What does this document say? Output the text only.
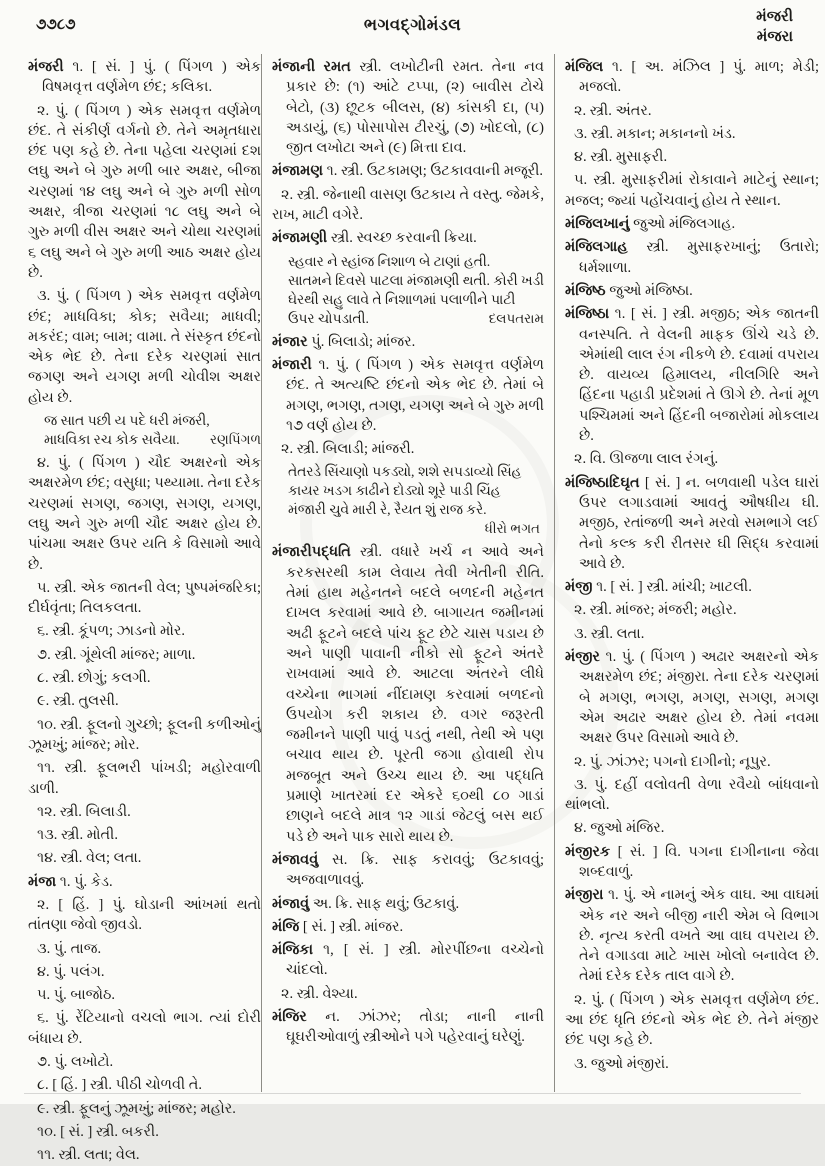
૭૭૮૭	ભગવદ્ગોમંડલ	મંજરી
મંજરા

મંજરી ૧. [ સં. ] પું. ( પિંગળ ) એક વિષમવૃત્ત વર્ણમેળ છંદ; કલિકા.

૨. પું. ( પિંગળ ) એક સમવૃત્ત વર્ણમેળ છંદ. તે સંકીર્ણ વર્ગનો છે. તેને અમૃતધારા છંદ પણ કહે છે. તેના પહેલા ચરણમાં દશ લઘુ અને બે ગુરુ મળી બાર અક્ષર, બીજા ચરણમાં ૧૪ લઘુ અને બે ગુરુ મળી સોળ અક્ષર, ત્રીજા ચરણમાં ૧૮ લઘુ અને બે ગુરુ મળી વીસ અક્ષર અને ચોથા ચરણમાં ૬ લઘુ અને બે ગુરુ મળી આઠ અક્ષર હોય છે.

૩. પું. ( પિંગળ ) એક સમવૃત્ત વર્ણમેળ છંદ; માધવિકા; કોક; સવૈયા; માધવી; મકરંદ; વામ; બામ; વામા. તે સંસ્કૃત છંદનો એક ભેદ છે. તેના દરેક ચરણમાં સાત જગણ અને યગણ મળી ચોવીશ અક્ષર હોય છે.

જ સાત પછી ય પદે ધરી મંજરી,
માધવિકા રચ કોક સવૈયા. રણપિંગળ

૪. પું. ( પિંગળ ) ચૌદ અક્ષરનો એક અક્ષરમેળ છંદ; વસુધા; પથ્યામા. તેના દરેક ચરણમાં સગણ, જગણ, સગણ, યગણ, લઘુ અને ગુરુ મળી ચૌદ અક્ષર હોય છે. પાંચમા અક્ષર ઉપર યતિ કે વિસામો આવે છે.

૫. સ્ત્રી. એક જાતની વેલ; પુષ્પમંજરિકા; દીર્ઘવૃંતા; તિલકલતા.

૬. સ્ત્રી. કૂંપળ; ઝાડનો મોર.

૭. સ્ત્રી. ગૂંથેલી માંજર; માળા.

૮. સ્ત્રી. છોગું; કલગી.

૯. સ્ત્રી. તુલસી.

૧૦. સ્ત્રી. ફૂલનો ગુચ્છો; ફૂલની કળીઓનું ઝૂમખું; માંજર; મોર.

૧૧. સ્ત્રી. ફૂલભરી પાંખડી; મહોરવાળી ડાળી.

૧૨. સ્ત્રી. બિલાડી.

૧૩. સ્ત્રી. મોતી.

૧૪. સ્ત્રી. વેલ; લતા.

મંજા ૧. પું. કેડ.

૨. [ હિં. ] પું. ઘોડાની આંખમાં થતો તાંતણા જેવો જીવડો.

૩. પું. તાજ.

૪. પું. પલંગ.

૫. પું. બાજોઠ.

૬. પું. રેંટિયાનો વચલો ભાગ. ત્યાં દોરી બંધાય છે.

૭. પું. લખોટો.

૮. [ હિં. ] સ્ત્રી. પીઠી ચોળવી તે.

૯. સ્ત્રી. ફૂલનું ઝૂમખું; માંજર; મહોર.

૧૦. [ સં. ] સ્ત્રી. બકરી.

૧૧. સ્ત્રી. લતા; વેલ.

મંજાની રમત સ્ત્રી. લખોટીની રમત. તેના નવ પ્રકાર છે: (૧) આંટે ટપ્પા, (૨) બાવીસ ટોચે બેટો, (૩) છૂટક બીલસ, (૪) કાંસકી દા, (૫) અડાયું, (૬) પોસાપોસ ટીરચું, (૭) ખોદલો, (૮) જીત લખોટા અને (૯) મિત્તા દાવ.

મંજામણ ૧. સ્ત્રી. ઉટકામણ; ઉટકાવવાની મજૂરી.

૨. સ્ત્રી. જેનાથી વાસણ ઉટકાય તે વસ્તુ. જેમકે, રાખ, માટી વગેરે.

મંજામણી સ્ત્રી. સ્વચ્છ કરવાની ક્રિયા.

સ્હવાર ને સ્હાંજ નિશાળ બે ટાણાં હતી.
સાતમને દિવસે પાટલા મંજામણી થતી. કોરી ખડી
ઘેરથી સહુ લાવે તે નિશાળમાં પલાળીને પાટી
ઉપર ચોપડાતી.	દલપતરામ

મંજાર પું. બિલાડો; માંજર.

મંજારી ૧. પું. ( પિંગળ ) એક સમવૃત્ત વર્ણમેળ છંદ. તે અત્યષ્ટિ છંદનો એક ભેદ છે. તેમાં બે મગણ, ભગણ, તગણ, યગણ અને બે ગુરુ મળી ૧૭ વર્ણ હોય છે.

૨. સ્ત્રી. બિલાડી; માંજરી.

તેતરડે સિંચાણો પકડ્યો, શશે સપડાવ્યો સિંહ
કાયર ખડગ કાઢીને દોડ્યો શૂરે પાડી ચિંહ
મંજારી ચુવે મારી રે, રૈયત શું રાજ કરે.
ધીરો ભગત

મંજારીપદ્ધતિ સ્ત્રી. વધારે ખર્ચ ન આવે અને કરકસરથી કામ લેવાય તેવી ખેતીની રીતિ. તેમાં હાથ મહેનતને બદલે બળદની મહેનત દાખલ કરવામાં આવે છે. બાગાયત જમીનમાં અઢી ફૂટને બદલે પાંચ ફૂટ છેટે ચાસ પડાય છે અને પાણી પાવાની નીકો સો ફૂટને અંતરે રાખવામાં આવે છે. આટલા અંતરને લીધે વચ્ચેના ભાગમાં નીંદામણ કરવામાં બળદનો ઉપયોગ કરી શકાય છે. વગર જરૂરતી જમીનને પાણી પાવું પડતું નથી, તેથી એ પણ બચાવ થાય છે. પૂરતી જગા હોવાથી રોપ મજબૂત અને ઉચ્ચ થાય છે. આ પદ્ધતિ પ્રમાણે ખાતરમાં દર એકરે ૬૦થી ૮૦ ગાડાં છાણને બદલે માત્ર ૧૨ ગાડાં જેટલું બસ થઈ પડે છે અને પાક સારો થાય છે.

મંજાવવું સ. ક્રિ. સાફ કરાવવું; ઉટકાવવું; અજવાળાવવું.

મંજાવું અ. ક્રિ. સાફ થવું; ઉટકાવું.

મંજિ [ સં. ] સ્ત્રી. માંજર.

મંજિકા ૧, [ સં. ] સ્ત્રી. મોરપીંછના વચ્ચેનો ચાંદલો.

૨. સ્ત્રી. વેશ્યા.

મંજિર ન. ઝાંઝર; તોડા; નાની નાની ઘૂઘરીઓવાળું સ્ત્રીઓને પગે પહેરવાનું ઘરેણું.

મંજિલ ૧. [ અ. મંઝિલ ] પું. માળ; મેડી; મજલો.

૨. સ્ત્રી. અંતર.

૩. સ્ત્રી. મકાન; મકાનનો ખંડ.

૪. સ્ત્રી. મુસાફરી.

૫. સ્ત્રી. મુસાફરીમાં રોકાવાને માટેનું સ્થાન; મજલ; જ્યાં પહોંચવાનું હોય તે સ્થાન.

મંજિલખાનું જુઓ મંજિલગાહ.

મંજિલગાહ સ્ત્રી. મુસાફરખાનું; ઉતારો; ધર્મશાળા.

મંજિષ્ઠ જુઓ મંજિષ્ઠા.

મંજિષ્ઠા ૧. [ સં. ] સ્ત્રી. મજીઠ; એક જાતની વનસ્પતિ. તે વેલની માફક ઊંચે ચડે છે. એમાંથી લાલ રંગ નીકળે છે. દવામાં વપરાય છે. વાયવ્ય હિમાલય, નીલગિરિ અને હિંદના પહાડી પ્રદેશમાં તે ઊગે છે. તેનાં મૂળ પશ્ચિમમાં અને હિંદની બજારોમાં મોકલાય છે.

૨. વિ. ઊજળા લાલ રંગનું.

મંજિષ્ઠાદિઘૃત [ સં. ] ન. બળવાથી પડેલ ઘારાં ઉપર લગાડવામાં આવતું ઔષધીય ઘી. મજીઠ, રતાંજળી અને મરવો સમભાગે લઈ તેનો કલ્ક કરી રીતસર ઘી સિદ્ધ કરવામાં આવે છે.

મંજી ૧. [ સં. ] સ્ત્રી. માંચી; ખાટલી.

૨. સ્ત્રી. માંજર; મંજરી; મહોર.

૩. સ્ત્રી. લતા.

મંજીર ૧. પું. ( પિંગળ ) અઢાર અક્ષરનો એક અક્ષરમેળ છંદ; મંજીરા. તેના દરેક ચરણમાં બે મગણ, ભગણ, મગણ, સગણ, મગણ એમ અઢાર અક્ષર હોય છે. તેમાં નવમા અક્ષર ઉપર વિસામો આવે છે.

૨. પું. ઝાંઝર; પગનો દાગીનો; નૂપુર.

૩. પું. દહીં વલોવતી વેળા રવૈયો બાંધવાનો થાંભલો.

૪. જુઓ મંજિર.

મંજીરક [ સં. ] વિ. પગના દાગીનાના જેવા શબ્દવાળું.

મંજીરા ૧. પું. એ નામનું એક વાઘ. આ વાઘમાં એક નર અને બીજી નારી એમ બે વિભાગ છે. નૃત્ય કરતી વખતે આ વાઘ વપરાય છે. તેને વગાડવા માટે ખાસ ખોલો બનાવેલ છે. તેમાં દરેક દરેક તાલ વાગે છે.

૨. પું. ( પિંગળ ) એક સમવૃત્ત વર્ણમેળ છંદ. આ છંદ ધૃતિ છંદનો એક ભેદ છે. તેને મંજીર છંદ પણ કહે છે.

૩. જુઓ મંજીરાં.
